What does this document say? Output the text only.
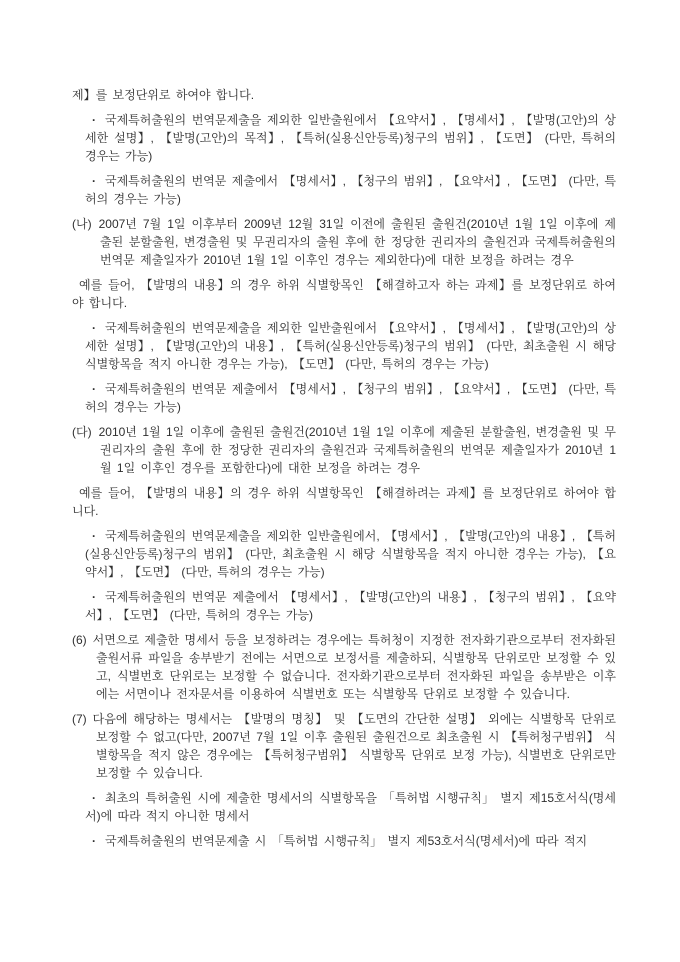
제】를 보정단위로 하여야 합니다.

· 국제특허출원의 번역문제출을 제외한 일반출원에서 【요약서】, 【명세서】, 【발명(고안)의 상세한 설명】, 【발명(고안)의 목적】, 【특허(실용신안등록)청구의 범위】, 【도면】 (다만, 특허의 경우는 가능)

· 국제특허출원의 번역문 제출에서 【명세서】, 【청구의 범위】, 【요약서】, 【도면】 (다만, 특허의 경우는 가능)

(나) 2007년 7월 1일 이후부터 2009년 12월 31일 이전에 출원된 출원건(2010년 1월 1일 이후에 제출된 분할출원, 변경출원 및 무권리자의 출원 후에 한 정당한 권리자의 출원건과 국제특허출원의 번역문 제출일자가 2010년 1월 1일 이후인 경우는 제외한다)에 대한 보정을 하려는 경우

예를 들어, 【발명의 내용】의 경우 하위 식별항목인 【해결하고자 하는 과제】를 보정단위로 하여야 합니다.

· 국제특허출원의 번역문제출을 제외한 일반출원에서 【요약서】, 【명세서】, 【발명(고안)의 상세한 설명】, 【발명(고안)의 내용】, 【특허(실용신안등록)청구의 범위】 (다만, 최초출원 시 해당 식별항목을 적지 아니한 경우는 가능), 【도면】 (다만, 특허의 경우는 가능)

· 국제특허출원의 번역문 제출에서 【명세서】, 【청구의 범위】, 【요약서】, 【도면】 (다만, 특허의 경우는 가능)

(다) 2010년 1월 1일 이후에 출원된 출원건(2010년 1월 1일 이후에 제출된 분할출원, 변경출원 및 무권리자의 출원 후에 한 정당한 권리자의 출원건과 국제특허출원의 번역문 제출일자가 2010년 1월 1일 이후인 경우를 포함한다)에 대한 보정을 하려는 경우

예를 들어, 【발명의 내용】의 경우 하위 식별항목인 【해결하려는 과제】를 보정단위로 하여야 합니다.

· 국제특허출원의 번역문제출을 제외한 일반출원에서, 【명세서】, 【발명(고안)의 내용】, 【특허(실용신안등록)청구의 범위】 (다만, 최초출원 시 해당 식별항목을 적지 아니한 경우는 가능), 【요약서】, 【도면】 (다만, 특허의 경우는 가능)

· 국제특허출원의 번역문 제출에서 【명세서】, 【발명(고안)의 내용】, 【청구의 범위】, 【요약서】, 【도면】 (다만, 특허의 경우는 가능)

(6) 서면으로 제출한 명세서 등을 보정하려는 경우에는 특허청이 지정한 전자화기관으로부터 전자화된 출원서류 파일을 송부받기 전에는 서면으로 보정서를 제출하되, 식별항목 단위로만 보정할 수 있고, 식별번호 단위로는 보정할 수 없습니다. 전자화기관으로부터 전자화된 파일을 송부받은 이후에는 서면이나 전자문서를 이용하여 식별번호 또는 식별항목 단위로 보정할 수 있습니다.

(7) 다음에 해당하는 명세서는 【발명의 명칭】 및 【도면의 간단한 설명】 외에는 식별항목 단위로 보정할 수 없고(다만, 2007년 7월 1일 이후 출원된 출원건으로 최초출원 시 【특허청구범위】 식별항목을 적지 않은 경우에는 【특허청구범위】 식별항목 단위로 보정 가능), 식별번호 단위로만 보정할 수 있습니다.

· 최초의 특허출원 시에 제출한 명세서의 식별항목을 「특허법 시행규칙」 별지 제15호서식(명세서)에 따라 적지 아니한 명세서

· 국제특허출원의 번역문제출 시 「특허법 시행규칙」 별지 제53호서식(명세서)에 따라 적지
